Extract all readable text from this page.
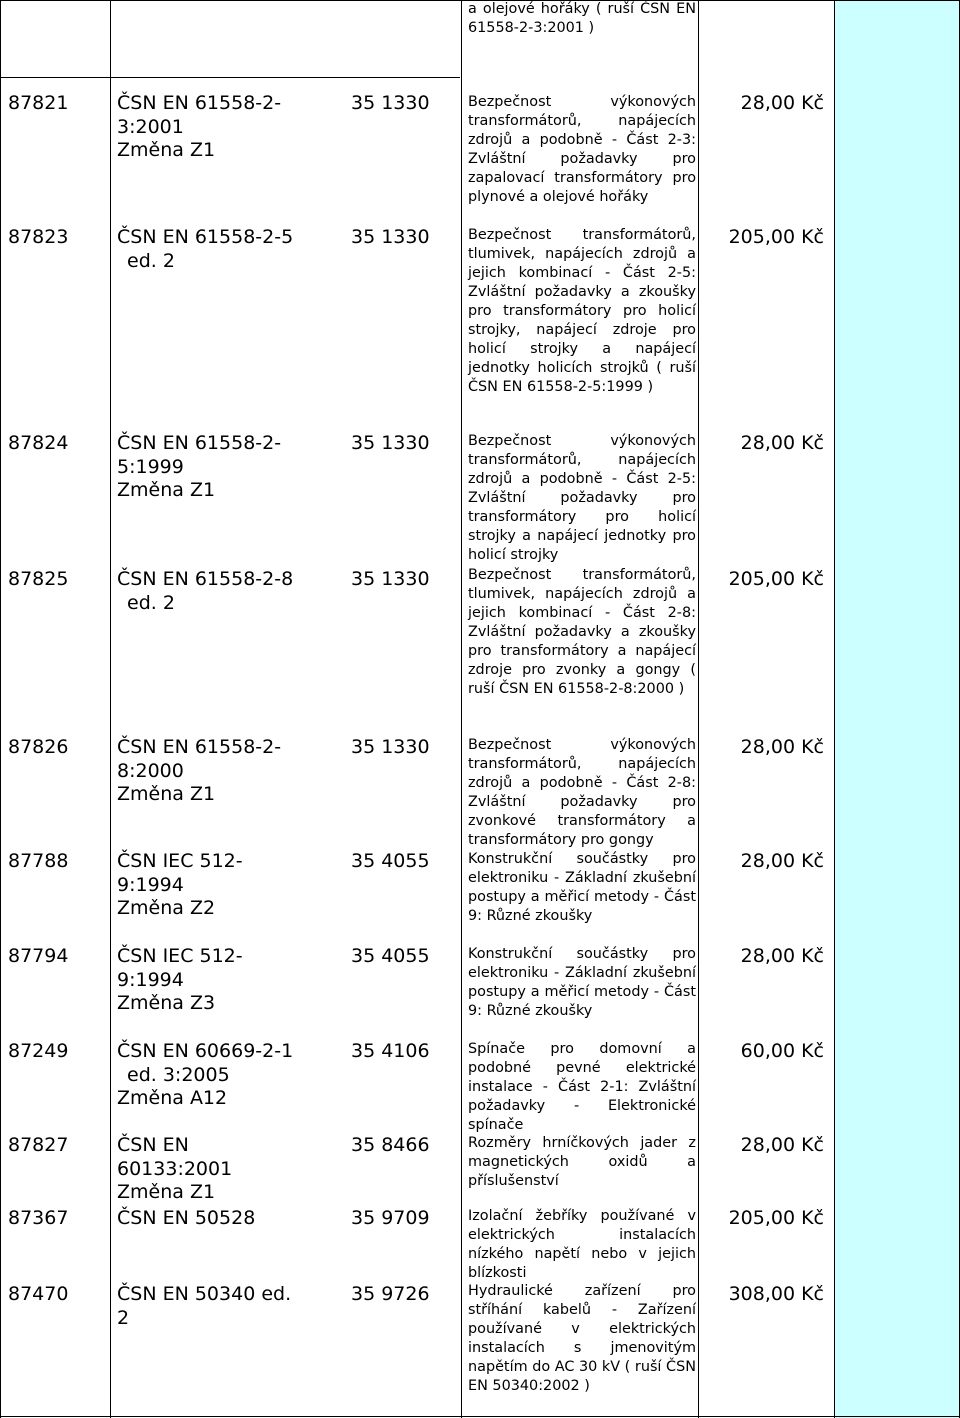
a olejové hořáky ( ruší ČSN EN 61558-2-3:2001 )
87821	ČSN EN 61558-2-
3:2001
Změna Z1
35 1330	Bezpečnost výkonových transformátorů, napájecích zdrojů a podobně - Část 2-3: Zvláštní požadavky pro zapalovací transformátory pro plynové a olejové hořáky
28,00 Kč
87823	ČSN EN 61558-2-5
ed. 2
35 1330	Bezpečnost transformátorů, tlumivek, napájecích zdrojů a jejich kombinací - Část 2-5: Zvláštní požadavky a zkoušky pro transformátory pro holicí strojky, napájecí zdroje pro holicí strojky a napájecí jednotky holicích strojků ( ruší ČSN EN 61558-2-5:1999 )
205,00 Kč
87824	ČSN EN 61558-2-
5:1999
Změna Z1
35 1330	Bezpečnost výkonových transformátorů, napájecích zdrojů a podobně - Část 2-5: Zvláštní požadavky pro transformátory pro holicí strojky a napájecí jednotky pro holicí strojky
28,00 Kč
87825	ČSN EN 61558-2-8
ed. 2
35 1330	Bezpečnost transformátorů, tlumivek, napájecích zdrojů a jejich kombinací - Část 2-8: Zvláštní požadavky a zkoušky pro transformátory a napájecí zdroje pro zvonky a gongy ( ruší ČSN EN 61558-2-8:2000 )
205,00 Kč
87826	ČSN EN 61558-2-
8:2000
Změna Z1
35 1330	Bezpečnost výkonových transformátorů, napájecích zdrojů a podobně - Část 2-8: Zvláštní požadavky pro zvonkové transformátory a transformátory pro gongy
28,00 Kč
87788	ČSN IEC 512-
9:1994
Změna Z2
35 4055	Konstrukční součástky pro elektroniku - Základní zkušební postupy a měřicí metody - Část 9: Různé zkoušky
28,00 Kč
87794	ČSN IEC 512-
9:1994
Změna Z3
35 4055	Konstrukční součástky pro elektroniku - Základní zkušební postupy a měřicí metody - Část 9: Různé zkoušky
28,00 Kč
87249	ČSN EN 60669-2-1
ed. 3:2005
Změna A12
35 4106	Spínače pro domovní a podobné pevné elektrické instalace - Část 2-1: Zvláštní požadavky - Elektronické spínače
60,00 Kč
87827	ČSN EN
60133:2001
Změna Z1
35 8466	Rozměry hrníčkových jader z magnetických oxidů a příslušenství
28,00 Kč
87367	ČSN EN 50528	35 9709	Izolační žebříky používané v elektrických instalacích nízkého napětí nebo v jejich blízkosti
205,00 Kč
87470	ČSN EN 50340 ed.
2
35 9726	Hydraulické zařízení pro stříhání kabelů - Zařízení používané v elektrických instalacích s jmenovitým napětím do AC 30 kV ( ruší ČSN EN 50340:2002 )
308,00 Kč
